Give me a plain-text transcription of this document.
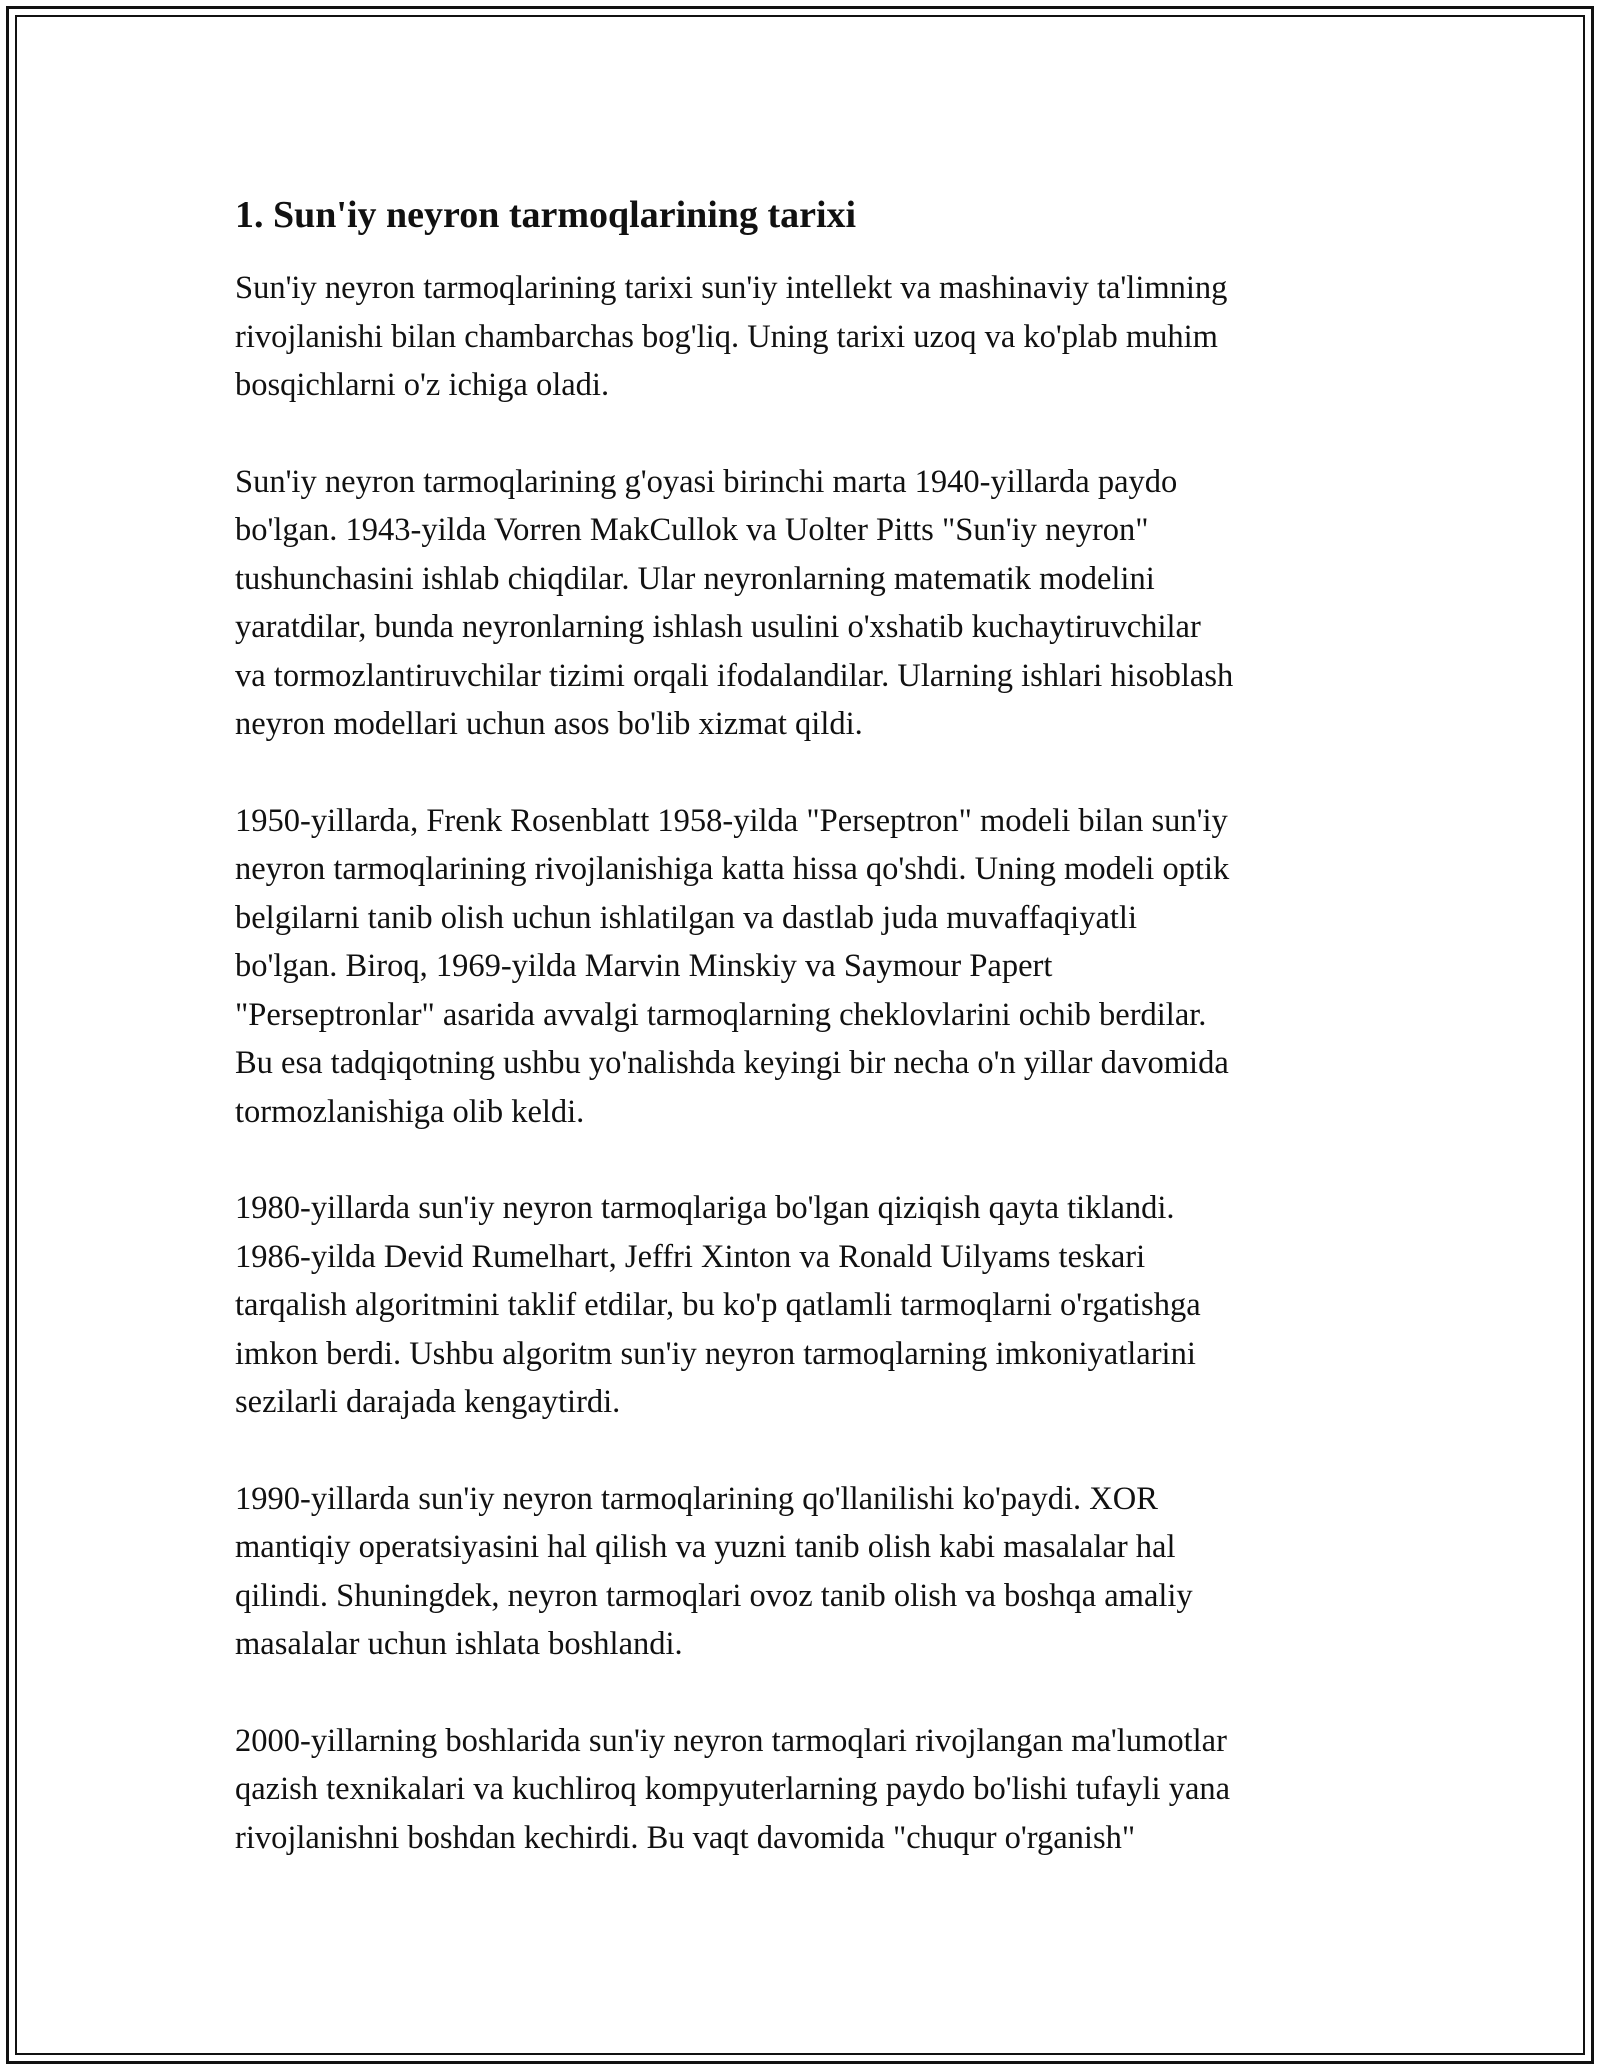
1. Sun'iy neyron tarmoqlarining tarixi

Sun'iy neyron tarmoqlarining tarixi sun'iy intellekt va mashinaviy ta'limning
rivojlanishi bilan chambarchas bog'liq. Uning tarixi uzoq va ko'plab muhim
bosqichlarni o'z ichiga oladi.

Sun'iy neyron tarmoqlarining g'oyasi birinchi marta 1940-yillarda paydo
bo'lgan. 1943-yilda Vorren MakCullok va Uolter Pitts "Sun'iy neyron"
tushunchasini ishlab chiqdilar. Ular neyronlarning matematik modelini
yaratdilar, bunda neyronlarning ishlash usulini o'xshatib kuchaytiruvchilar
va tormozlantiruvchilar tizimi orqali ifodalandilar. Ularning ishlari hisoblash
neyron modellari uchun asos bo'lib xizmat qildi.

1950-yillarda, Frenk Rosenblatt 1958-yilda "Perseptron" modeli bilan sun'iy
neyron tarmoqlarining rivojlanishiga katta hissa qo'shdi. Uning modeli optik
belgilarni tanib olish uchun ishlatilgan va dastlab juda muvaffaqiyatli
bo'lgan. Biroq, 1969-yilda Marvin Minskiy va Saymour Papert
"Perseptronlar" asarida avvalgi tarmoqlarning cheklovlarini ochib berdilar.
Bu esa tadqiqotning ushbu yo'nalishda keyingi bir necha o'n yillar davomida
tormozlanishiga olib keldi.

1980-yillarda sun'iy neyron tarmoqlariga bo'lgan qiziqish qayta tiklandi.
1986-yilda Devid Rumelhart, Jeffri Xinton va Ronald Uilyams teskari
tarqalish algoritmini taklif etdilar, bu ko'p qatlamli tarmoqlarni o'rgatishga
imkon berdi. Ushbu algoritm sun'iy neyron tarmoqlarning imkoniyatlarini
sezilarli darajada kengaytirdi.

1990-yillarda sun'iy neyron tarmoqlarining qo'llanilishi ko'paydi. XOR
mantiqiy operatsiyasini hal qilish va yuzni tanib olish kabi masalalar hal
qilindi. Shuningdek, neyron tarmoqlari ovoz tanib olish va boshqa amaliy
masalalar uchun ishlata boshlandi.

2000-yillarning boshlarida sun'iy neyron tarmoqlari rivojlangan ma'lumotlar
qazish texnikalari va kuchliroq kompyuterlarning paydo bo'lishi tufayli yana
rivojlanishni boshdan kechirdi. Bu vaqt davomida "chuqur o'rganish"
